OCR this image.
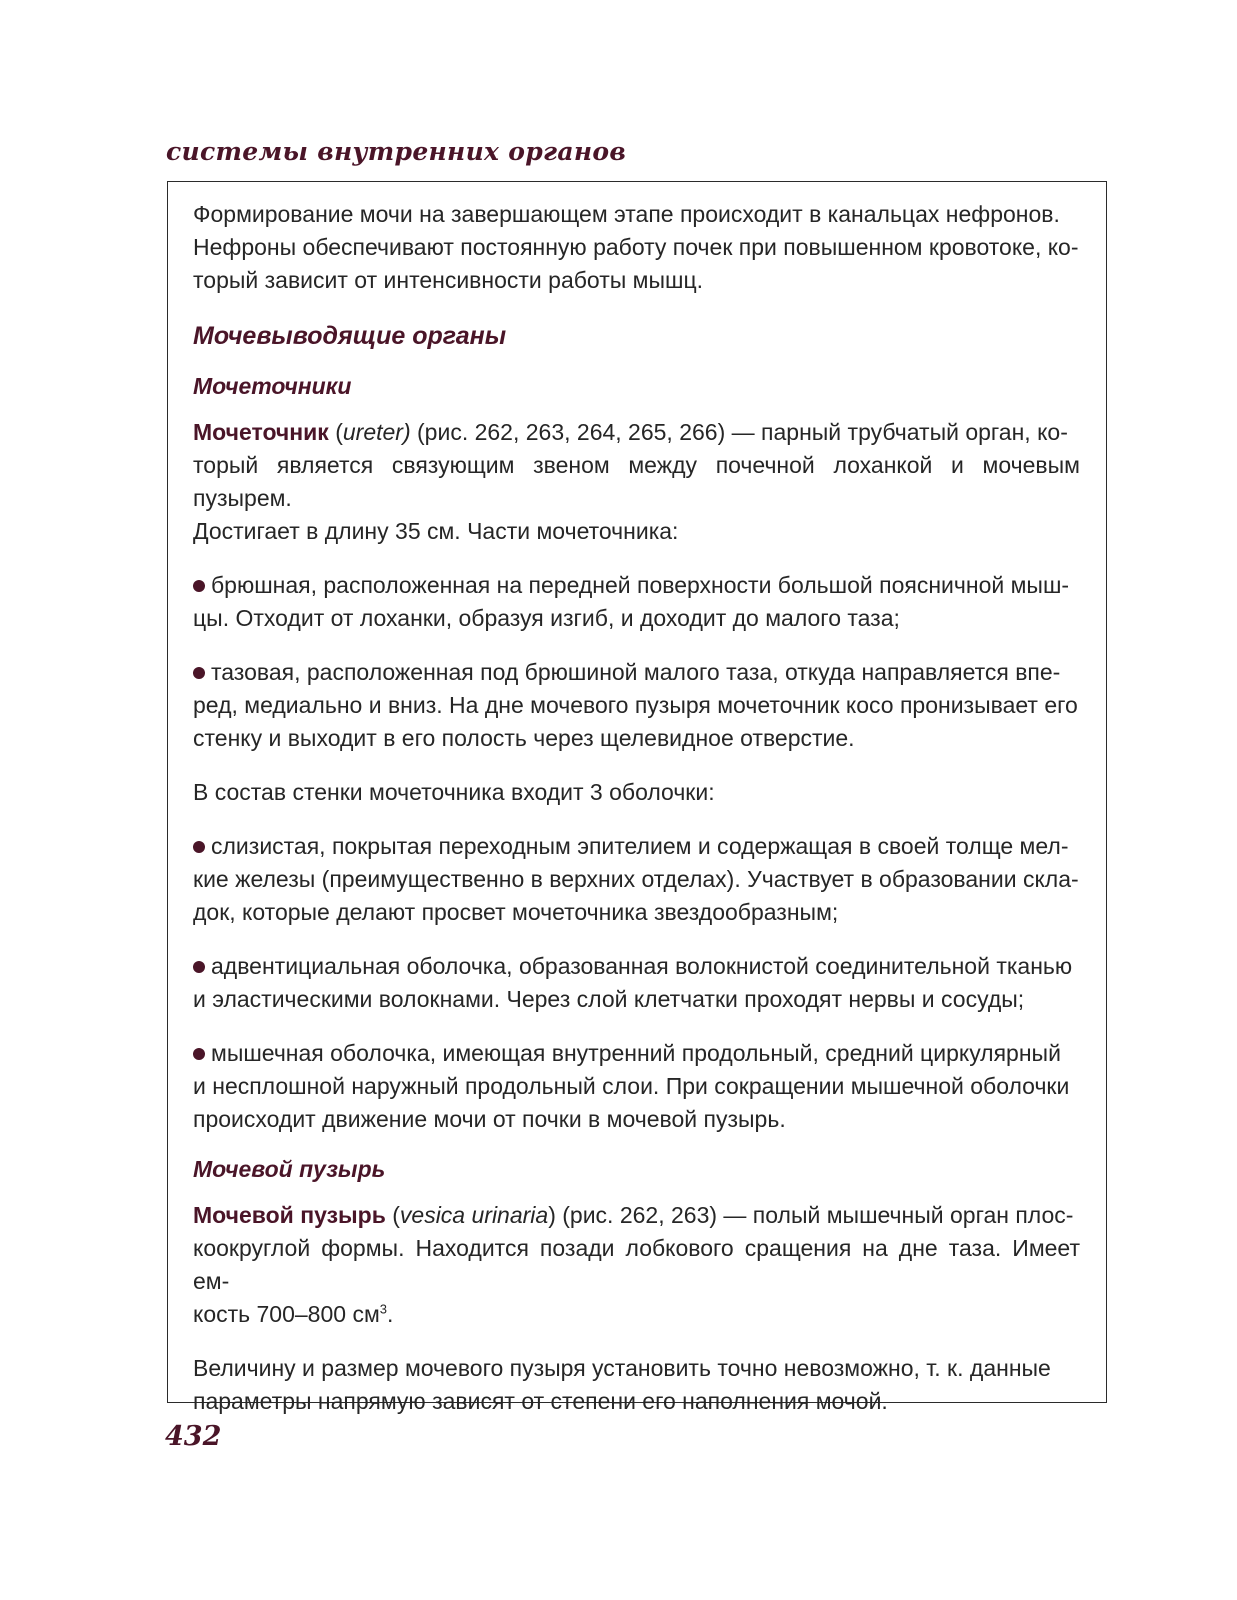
системы внутренних органов

Формирование мочи на завершающем этапе происходит в канальцах нефронов.
Нефроны обеспечивают постоянную работу почек при повышенном кровотоке, ко-
торый зависит от интенсивности работы мышц.

Мочевыводящие органы
Мочеточники

Мочеточник (ureter) (рис. 262, 263, 264, 265, 266) — парный трубчатый орган, ко-
торый является связующим звеном между почечной лоханкой и мочевым пузырем.
Достигает в длину 35 см. Части мочеточника:

брюшная, расположенная на передней поверхности большой поясничной мыш-
цы. Отходит от лоханки, образуя изгиб, и доходит до малого таза;

тазовая, расположенная под брюшиной малого таза, откуда направляется впе-
ред, медиально и вниз. На дне мочевого пузыря мочеточник косо пронизывает его
стенку и выходит в его полость через щелевидное отверстие.

В состав стенки мочеточника входит 3 оболочки:

слизистая, покрытая переходным эпителием и содержащая в своей толще мел-
кие железы (преимущественно в верхних отделах). Участвует в образовании скла-
док, которые делают просвет мочеточника звездообразным;

адвентициальная оболочка, образованная волокнистой соединительной тканью
и эластическими волокнами. Через слой клетчатки проходят нервы и сосуды;

мышечная оболочка, имеющая внутренний продольный, средний циркулярный
и несплошной наружный продольный слои. При сокращении мышечной оболочки
происходит движение мочи от почки в мочевой пузырь.

Мочевой пузырь

Мочевой пузырь (vesica urinaria) (рис. 262, 263) — полый мышечный орган плос-
коокруглой формы. Находится позади лобкового сращения на дне таза. Имеет ем-
кость 700–800 $см^3$.

Величину и размер мочевого пузыря установить точно невозможно, т. к. данные
параметры напрямую зависят от степени его наполнения мочой.

432
